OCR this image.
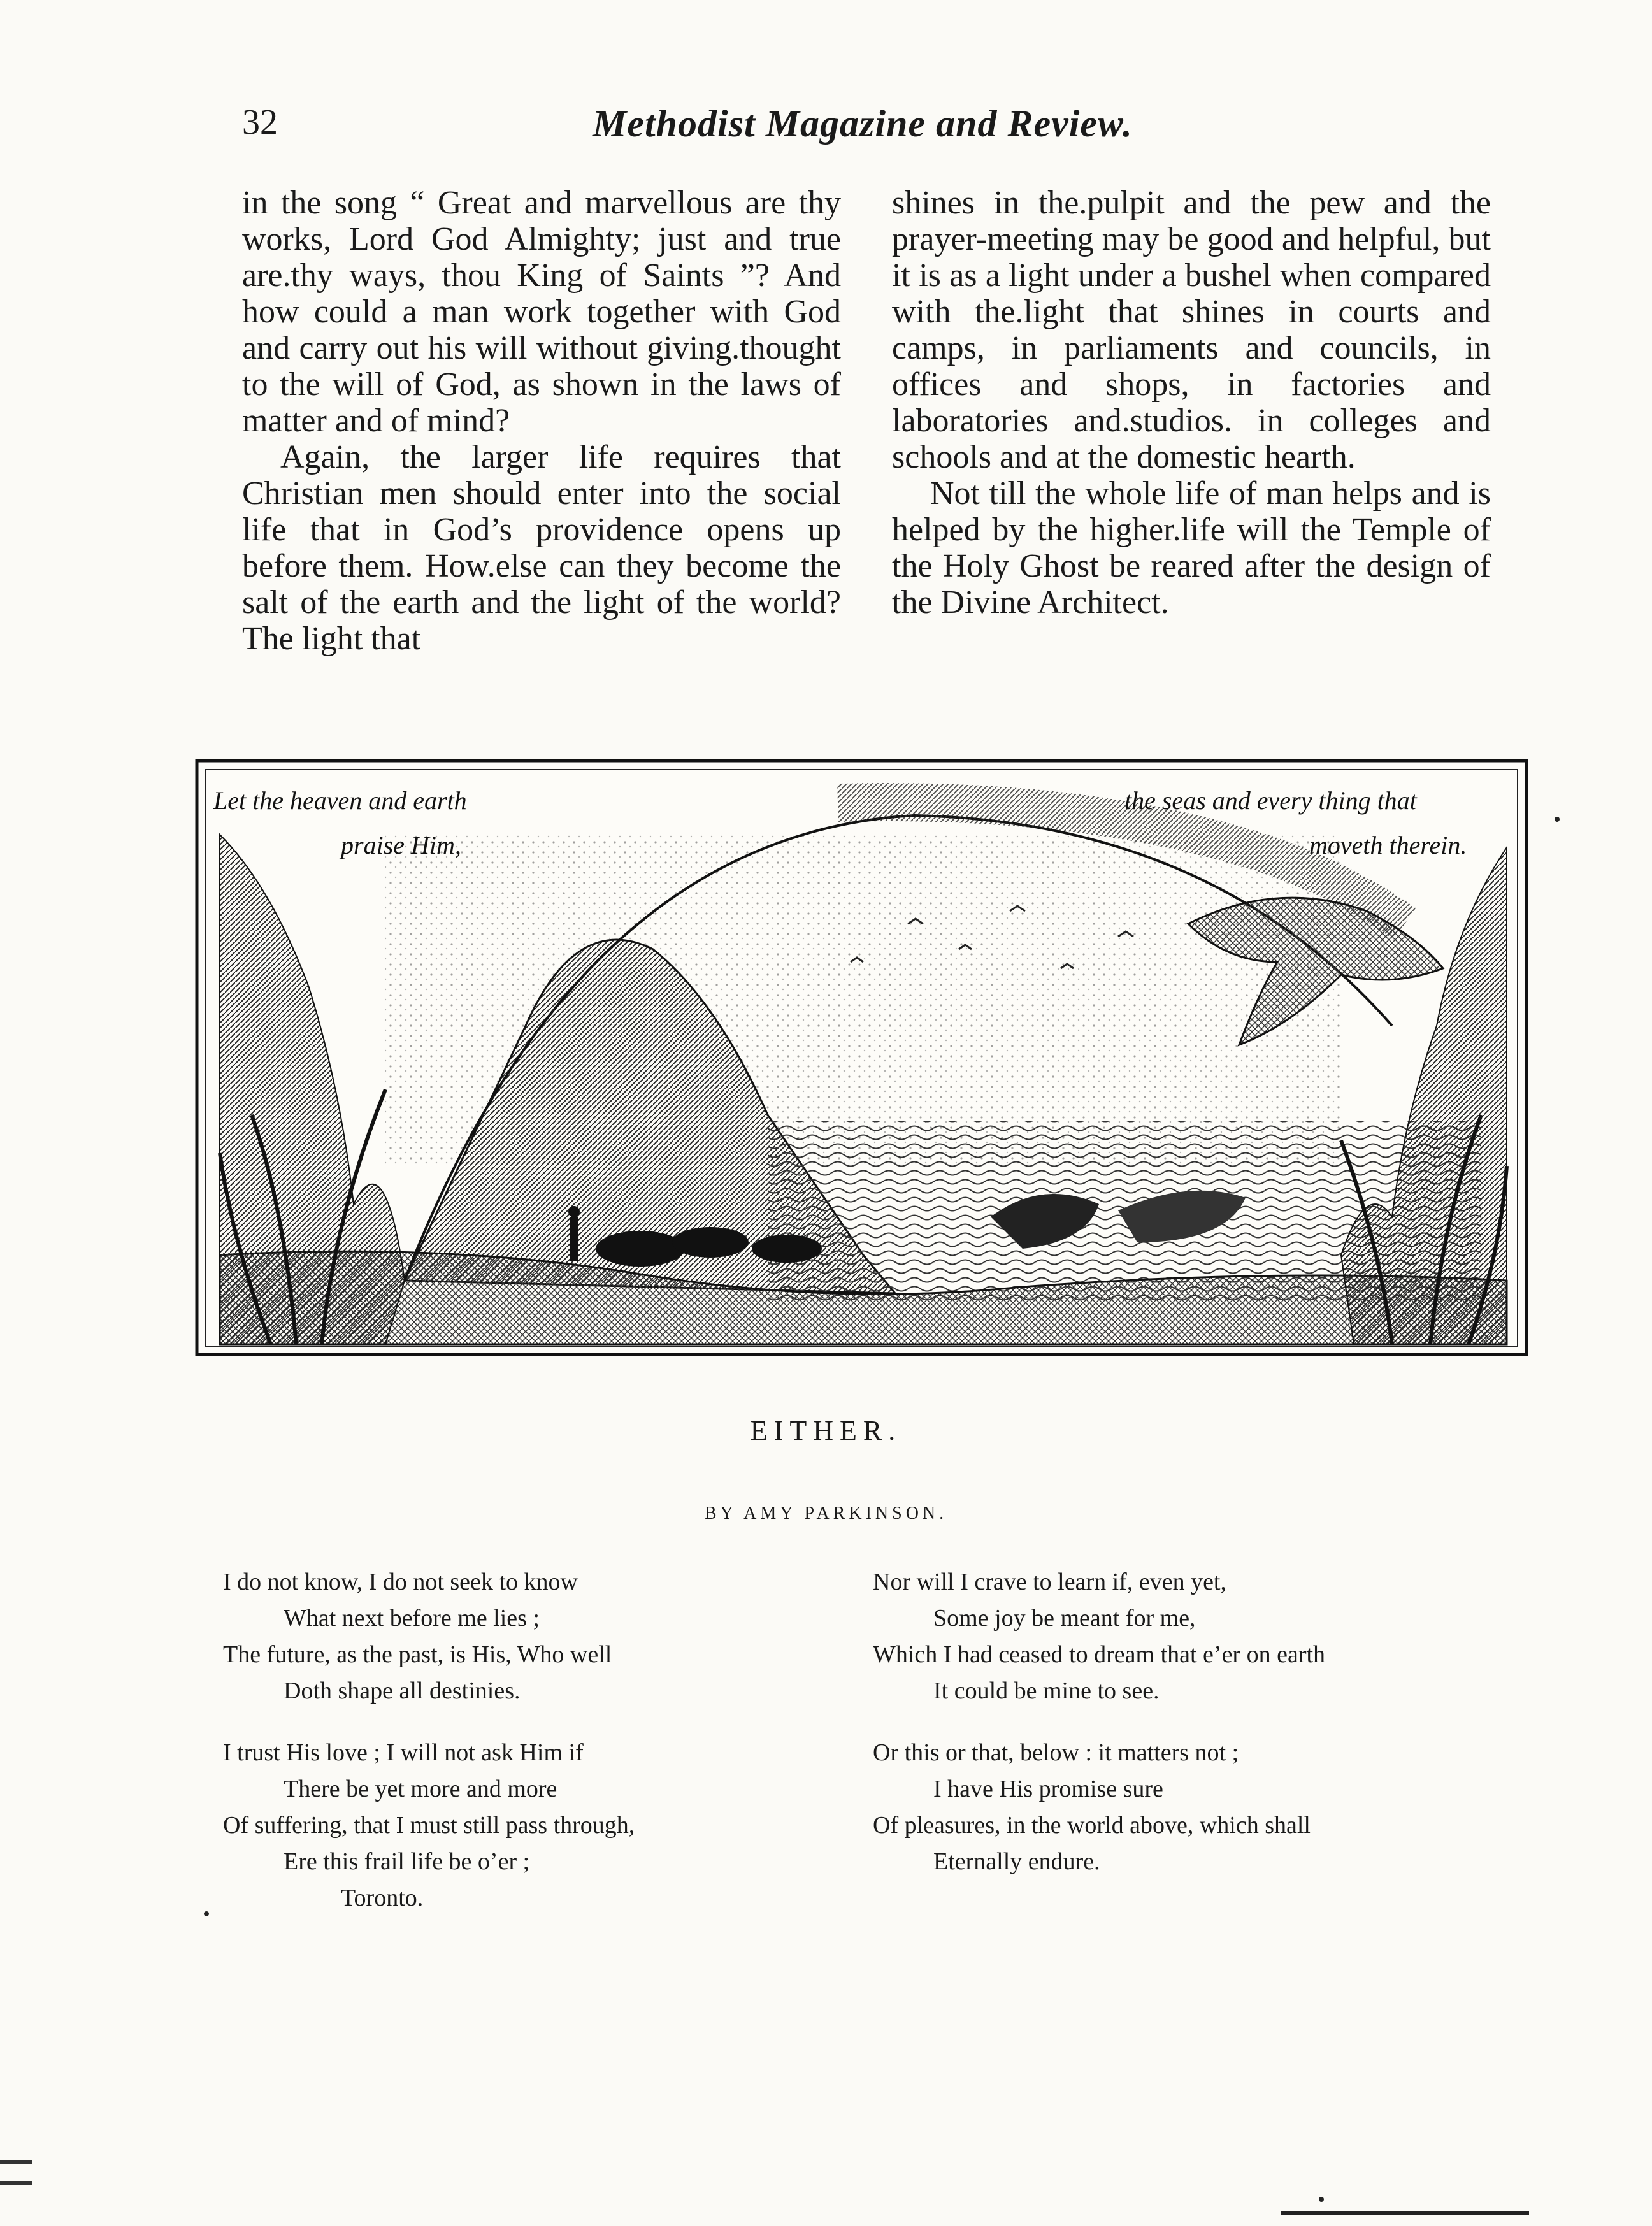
32	Methodist Magazine and Review.

in the song “ Great and marvellous are thy works, Lord God Almighty; just and true are.thy ways, thou King of Saints ”? And how could a man work together with God and carry out his will without giving.thought to the will of God, as shown in the laws of matter and of mind?

Again, the larger life requires that Christian men should enter into the social life that in God’s providence opens up before them. How.else can they become the salt of the earth and the light of the world? The light that

shines in the.pulpit and the pew and the prayer-meeting may be good and helpful, but it is as a light under a bushel when compared with the.light that shines in courts and camps, in parliaments and councils, in offices and shops, in factories and laboratories and.studios. in colleges and schools and at the domestic hearth.

Not till the whole life of man helps and is helped by the higher.life will the Temple of the Holy Ghost be reared after the design of the Divine Architect.

Let the heaven and earth
praise Him,
the seas and every thing that
moveth therein.
EITHER.
BY AMY PARKINSON.
I do not know, I do not seek to know
What next before me lies ;
The future, as the past, is His, Who well
Doth shape all destinies.
I trust His love ; I will not ask Him if
There be yet more and more
Of suffering, that I must still pass through,
Ere this frail life be o’er ;
Toronto.
Nor will I crave to learn if, even yet,
Some joy be meant for me,
Which I had ceased to dream that e’er on earth
It could be mine to see.
Or this or that, below : it matters not ;
I have His promise sure
Of pleasures, in the world above, which shall
Eternally endure.
